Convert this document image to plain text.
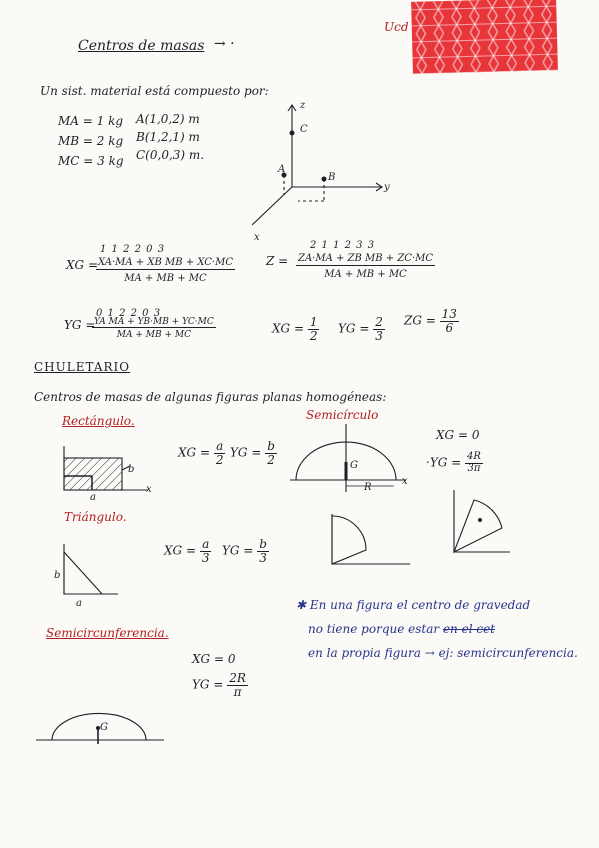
Ucd
Centros de masas → ·
Un sist. material está compuesto por:
MA = 1 kg A(1,0,2) m
MB = 2 kg B(1,2,1) m
MC = 3 kg C(0,0,3) m.
z
C
B
y
x
A
1 1 2 2 0 3
XG =
$\frac{\text{XA·MA + XB MB + XC·MC}}{MA + MB + MC}$
2 1 1 2 3 3
$Z = \frac{\text{ZA·MA + ZB MB + ZC·MC}}{MA + MB + MC}$
0 1 2 2 0 3
YG =
$\frac{\text{YA MA + YB·MB + YC·MC}}{MA + MB + MC}$	XG = $\frac{1}{2}$ YG = $\frac{2}{3}$ ZG = $\frac{13}{6}$
CHULETARIO
Centros de masas de algunas figuras planas homogéneas:
Rectángulo.
b
a
x
XG = $\frac{a}{2}$ YG = $\frac{b}{2}$
Semicírculo
G
R
x
XG = 0
$\cdot YG = \frac{4R}{3\pi}$
Triángulo.
b
a
XG = $\frac{a}{3}$ YG = $\frac{b}{3}$
✱ En una figura el centro de gravedad
no tiene porque estar en el cet
en la propia figura → ej: semicircunferencia.
Semicircunferencia.
XG = 0
YG = $\frac{2R}{\pi}$
G
